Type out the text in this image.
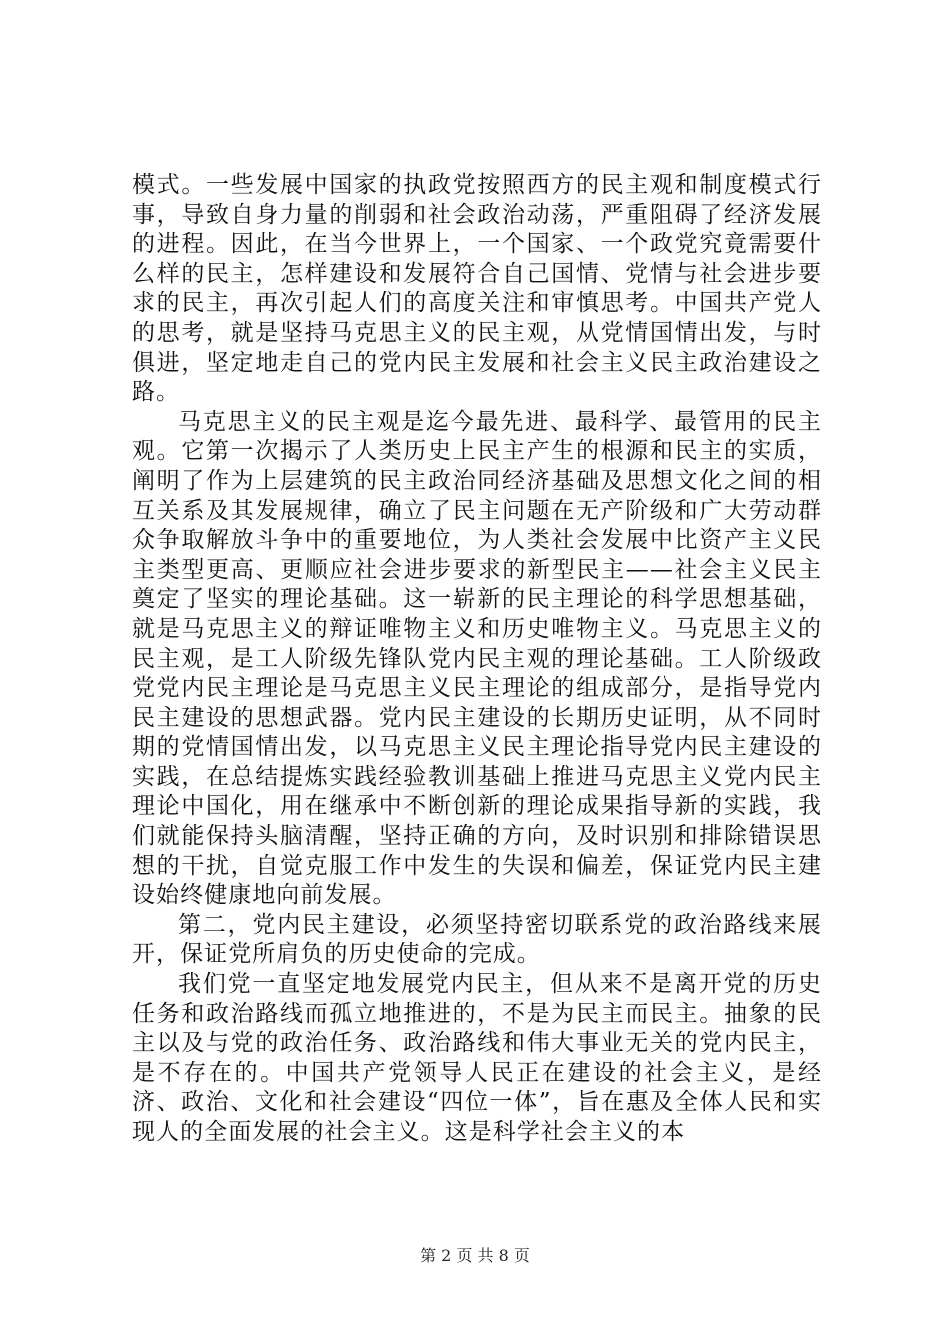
模式。一些发展中国家的执政党按照西方的民主观和制度模式行事，导致自身力量的削弱和社会政治动荡，严重阻碍了经济发展的进程。因此，在当今世界上，一个国家、一个政党究竟需要什么样的民主，怎样建设和发展符合自己国情、党情与社会进步要求的民主，再次引起人们的高度关注和审慎思考。中国共产党人的思考，就是坚持马克思主义的民主观，从党情国情出发，与时俱进，坚定地走自己的党内民主发展和社会主义民主政治建设之路。

马克思主义的民主观是迄今最先进、最科学、最管用的民主观。它第一次揭示了人类历史上民主产生的根源和民主的实质，阐明了作为上层建筑的民主政治同经济基础及思想文化之间的相互关系及其发展规律，确立了民主问题在无产阶级和广大劳动群众争取解放斗争中的重要地位，为人类社会发展中比资产主义民主类型更高、更顺应社会进步要求的新型民主——社会主义民主奠定了坚实的理论基础。这一崭新的民主理论的科学思想基础，就是马克思主义的辩证唯物主义和历史唯物主义。马克思主义的民主观，是工人阶级先锋队党内民主观的理论基础。工人阶级政党党内民主理论是马克思主义民主理论的组成部分，是指导党内民主建设的思想武器。党内民主建设的长期历史证明，从不同时期的党情国情出发，以马克思主义民主理论指导党内民主建设的实践，在总结提炼实践经验教训基础上推进马克思主义党内民主理论中国化，用在继承中不断创新的理论成果指导新的实践，我们就能保持头脑清醒，坚持正确的方向，及时识别和排除错误思想的干扰，自觉克服工作中发生的失误和偏差，保证党内民主建设始终健康地向前发展。

第二，党内民主建设，必须坚持密切联系党的政治路线来展开，保证党所肩负的历史使命的完成。

我们党一直坚定地发展党内民主，但从来不是离开党的历史任务和政治路线而孤立地推进的，不是为民主而民主。抽象的民主以及与党的政治任务、政治路线和伟大事业无关的党内民主，是不存在的。中国共产党领导人民正在建设的社会主义，是经济、政治、文化和社会建设“四位一体”，旨在惠及全体人民和实现人的全面发展的社会主义。这是科学社会主义的本

第 2 页 共 8 页
